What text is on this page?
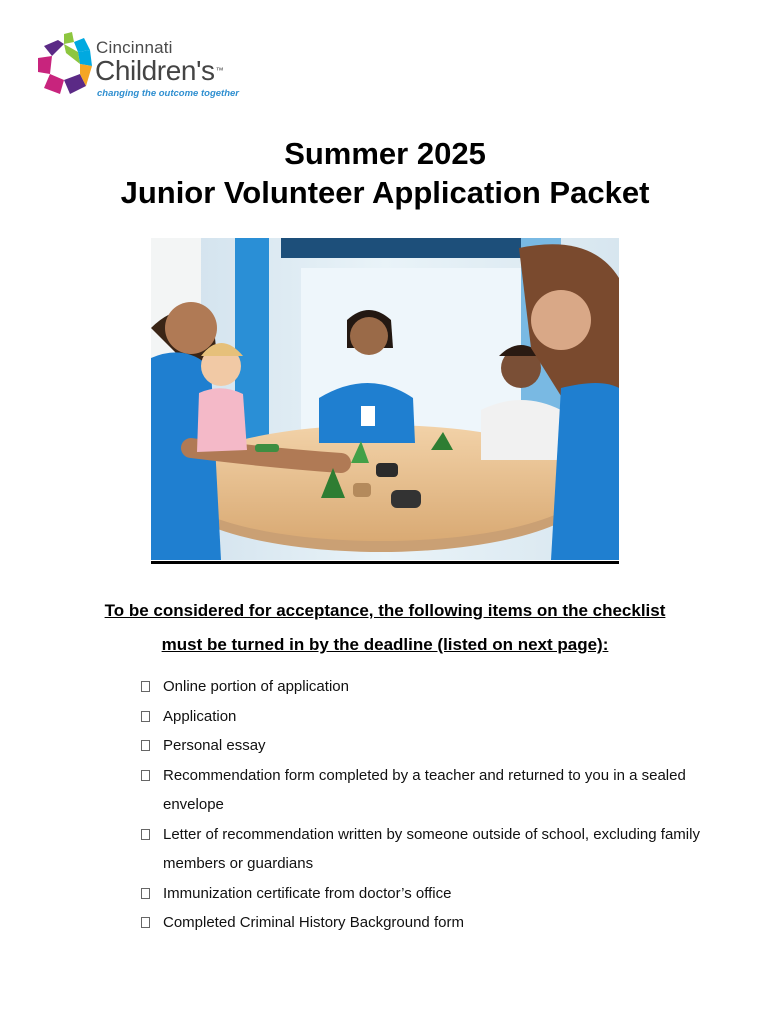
Cincinnati
Children's™
changing the outcome together
Summer 2025
Junior Volunteer Application Packet
To be considered for acceptance, the following items on the checklist
must be turned in by the deadline (listed on next page):
Online portion of application
Application
Personal essay
Recommendation form completed by a teacher and returned to you in a sealed envelope
Letter of recommendation written by someone outside of school, excluding family members or guardians
Immunization certificate from doctor’s office
Completed Criminal History Background form
